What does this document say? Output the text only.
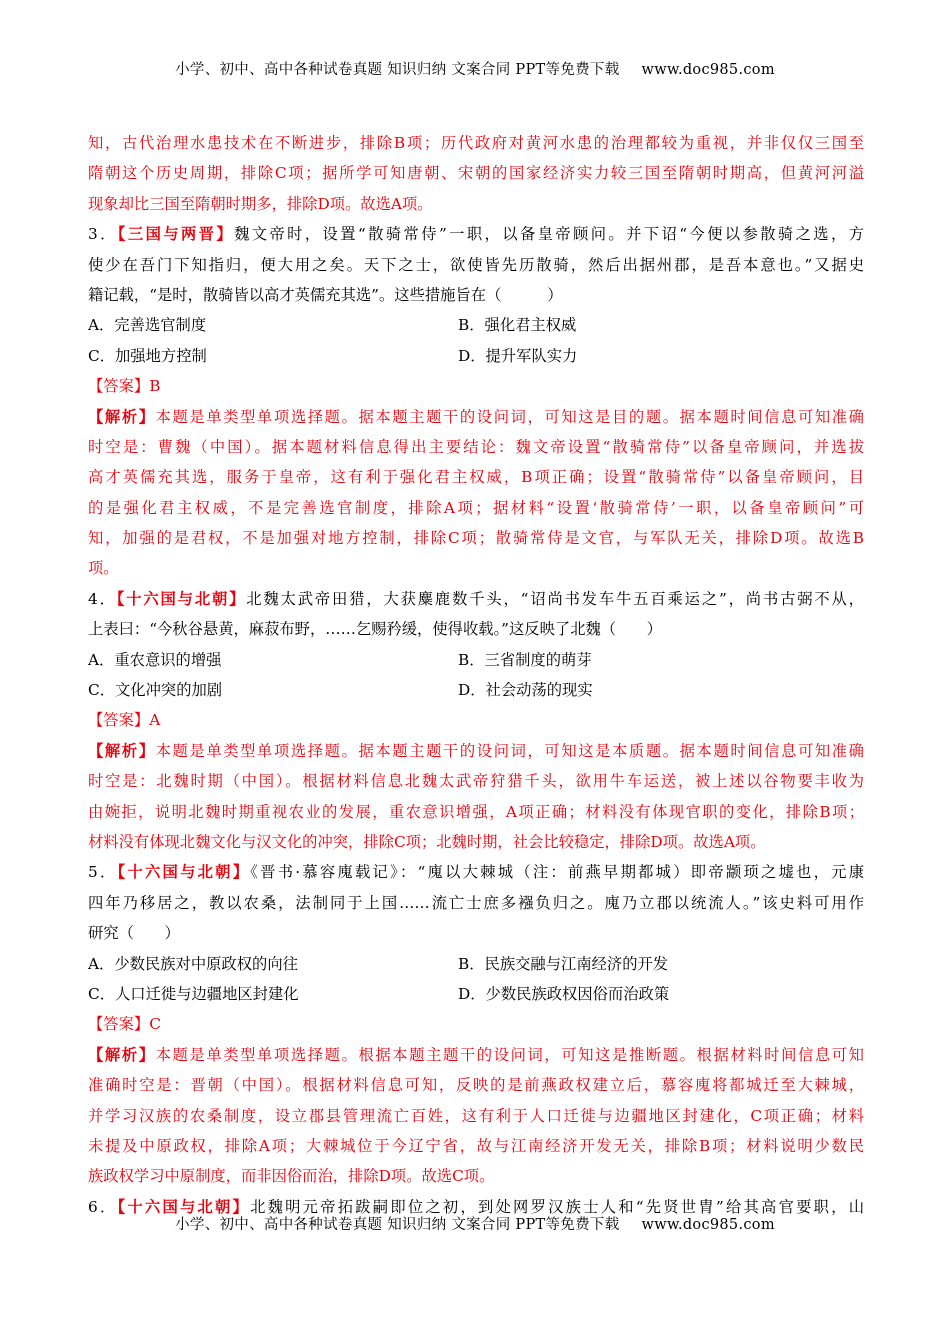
小学、初中、高中各种试卷真题 知识归纳 文案合同 PPT等免费下载 www.doc985.com
知，古代治理水患技术在不断进步，排除B项；历代政府对黄河水患的治理都较为重视，并非仅仅三国至
隋朝这个历史周期，排除C项；据所学可知唐朝、宋朝的国家经济实力较三国至隋朝时期高，但黄河河溢
现象却比三国至隋朝时期多，排除D项。故选A项。
3．【三国与两晋】魏文帝时，设置“散骑常侍”一职，以备皇帝顾问。并下诏“今便以参散骑之选，方
使少在吾门下知指归，便大用之矣。天下之士，欲使皆先历散骑，然后出据州郡，是吾本意也。”又据史
籍记载，“是时，散骑皆以高才英儒充其选”。这些措施旨在（　　　）
A．完善选官制度	B．强化君主权威
C．加强地方控制	D．提升军队实力
【答案】B
【解析】本题是单类型单项选择题。据本题主题干的设问词，可知这是目的题。据本题时间信息可知准确
时空是：曹魏（中国）。据本题材料信息得出主要结论：魏文帝设置“散骑常侍”以备皇帝顾问，并选拔
高才英儒充其选，服务于皇帝，这有利于强化君主权威，B项正确；设置“散骑常侍”以备皇帝顾问，目
的是强化君主权威，不是完善选官制度，排除A项；据材料“设置‘散骑常侍’一职，以备皇帝顾问”可
知，加强的是君权，不是加强对地方控制，排除C项；散骑常侍是文官，与军队无关，排除D项。故选B
项。
4．【十六国与北朝】北魏太武帝田猎，大获麋鹿数千头，“诏尚书发车牛五百乘运之”，尚书古弼不从，
上表曰：“今秋谷悬黄，麻菽布野，……乞赐矜缓，使得收载。”这反映了北魏（　　）
A．重农意识的增强	B．三省制度的萌芽
C．文化冲突的加剧	D．社会动荡的现实
【答案】A
【解析】本题是单类型单项选择题。据本题主题干的设问词，可知这是本质题。据本题时间信息可知准确
时空是：北魏时期（中国）。根据材料信息北魏太武帝狩猎千头，欲用牛车运送，被上述以谷物要丰收为
由婉拒，说明北魏时期重视农业的发展，重农意识增强，A项正确；材料没有体现官职的变化，排除B项；
材料没有体现北魏文化与汉文化的冲突，排除C项；北魏时期，社会比较稳定，排除D项。故选A项。
5．【十六国与北朝】《晋书·慕容廆载记》：“廆以大棘城（注：前燕早期都城）即帝颛顼之墟也，元康
四年乃移居之，教以农桑，法制同于上国……流亡士庶多襁负归之。廆乃立郡以统流人。”该史料可用作
研究（　　）
A．少数民族对中原政权的向往	B．民族交融与江南经济的开发
C．人口迁徙与边疆地区封建化	D．少数民族政权因俗而治政策
【答案】C
【解析】本题是单类型单项选择题。根据本题主题干的设问词，可知这是推断题。根据材料时间信息可知
准确时空是：晋朝（中国）。根据材料信息可知，反映的是前燕政权建立后，慕容廆将都城迁至大棘城，
并学习汉族的农桑制度，设立郡县管理流亡百姓，这有利于人口迁徙与边疆地区封建化，C项正确；材料
未提及中原政权，排除A项；大棘城位于今辽宁省，故与江南经济开发无关，排除B项；材料说明少数民
族政权学习中原制度，而非因俗而治，排除D项。故选C项。
6．【十六国与北朝】北魏明元帝拓跋嗣即位之初，到处网罗汉族士人和“先贤世胄”给其高官要职，山
小学、初中、高中各种试卷真题 知识归纳 文案合同 PPT等免费下载 www.doc985.com
